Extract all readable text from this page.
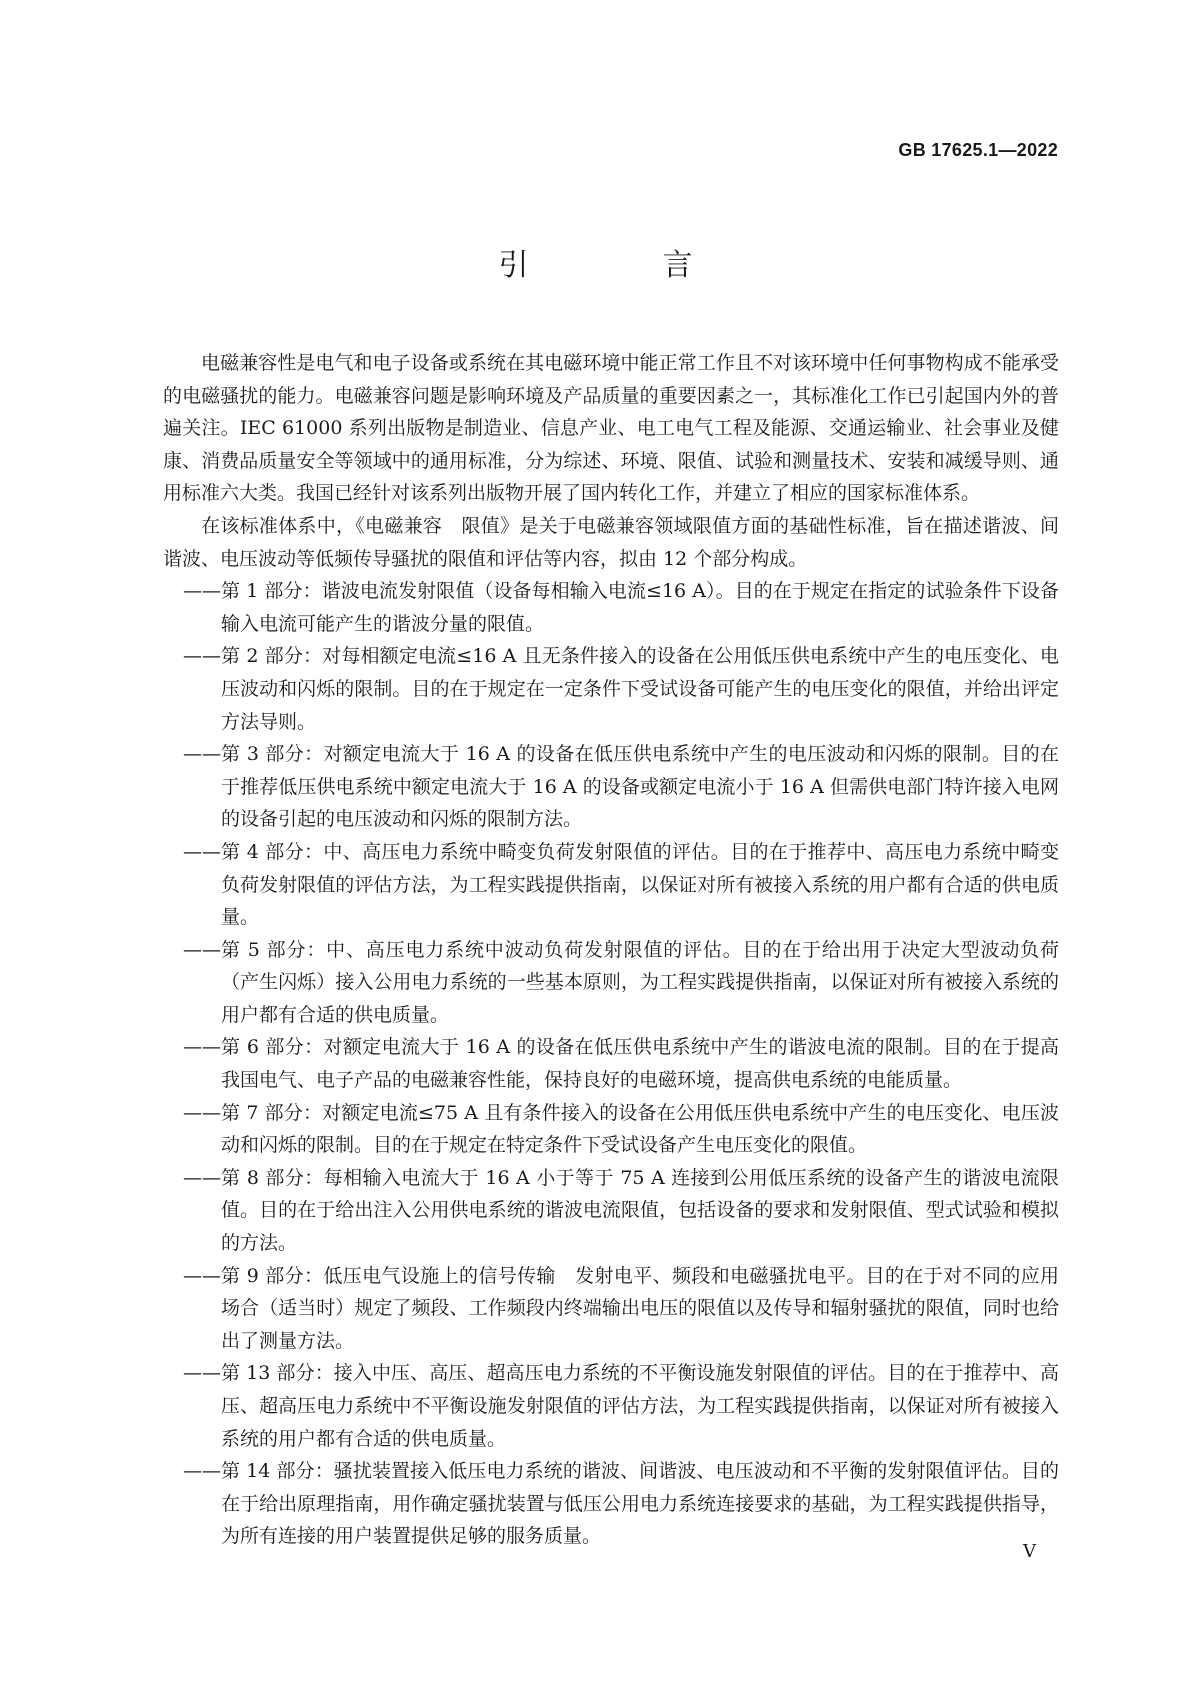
GB 17625.1—2022
引　言

电磁兼容性是电气和电子设备或系统在其电磁环境中能正常工作且不对该环境中任何事物构成不能承受的电磁骚扰的能力。电磁兼容问题是影响环境及产品质量的重要因素之一，其标准化工作已引起国内外的普遍关注。IEC 61000 系列出版物是制造业、信息产业、电工电气工程及能源、交通运输业、社会事业及健康、消费品质量安全等领域中的通用标准，分为综述、环境、限值、试验和测量技术、安装和减缓导则、通用标准六大类。我国已经针对该系列出版物开展了国内转化工作，并建立了相应的国家标准体系。

在该标准体系中，《电磁兼容　限值》是关于电磁兼容领域限值方面的基础性标准，旨在描述谐波、间谐波、电压波动等低频传导骚扰的限值和评估等内容，拟由 12 个部分构成。

—— 第 1 部分：谐波电流发射限值（设备每相输入电流≤16 A）。目的在于规定在指定的试验条件下设备输入电流可能产生的谐波分量的限值。
—— 第 2 部分：对每相额定电流≤16 A 且无条件接入的设备在公用低压供电系统中产生的电压变化、电压波动和闪烁的限制。目的在于规定在一定条件下受试设备可能产生的电压变化的限值，并给出评定方法导则。
—— 第 3 部分：对额定电流大于 16 A 的设备在低压供电系统中产生的电压波动和闪烁的限制。目的在于推荐低压供电系统中额定电流大于 16 A 的设备或额定电流小于 16 A 但需供电部门特许接入电网的设备引起的电压波动和闪烁的限制方法。
—— 第 4 部分：中、高压电力系统中畸变负荷发射限值的评估。目的在于推荐中、高压电力系统中畸变负荷发射限值的评估方法，为工程实践提供指南，以保证对所有被接入系统的用户都有合适的供电质量。
—— 第 5 部分：中、高压电力系统中波动负荷发射限值的评估。目的在于给出用于决定大型波动负荷（产生闪烁）接入公用电力系统的一些基本原则，为工程实践提供指南，以保证对所有被接入系统的用户都有合适的供电质量。
—— 第 6 部分：对额定电流大于 16 A 的设备在低压供电系统中产生的谐波电流的限制。目的在于提高我国电气、电子产品的电磁兼容性能，保持良好的电磁环境，提高供电系统的电能质量。
—— 第 7 部分：对额定电流≤75 A 且有条件接入的设备在公用低压供电系统中产生的电压变化、电压波动和闪烁的限制。目的在于规定在特定条件下受试设备产生电压变化的限值。
—— 第 8 部分：每相输入电流大于 16 A 小于等于 75 A 连接到公用低压系统的设备产生的谐波电流限值。目的在于给出注入公用供电系统的谐波电流限值，包括设备的要求和发射限值、型式试验和模拟的方法。
—— 第 9 部分：低压电气设施上的信号传输　发射电平、频段和电磁骚扰电平。目的在于对不同的应用场合（适当时）规定了频段、工作频段内终端输出电压的限值以及传导和辐射骚扰的限值，同时也给出了测量方法。
—— 第 13 部分：接入中压、高压、超高压电力系统的不平衡设施发射限值的评估。目的在于推荐中、高压、超高压电力系统中不平衡设施发射限值的评估方法，为工程实践提供指南，以保证对所有被接入系统的用户都有合适的供电质量。
—— 第 14 部分：骚扰装置接入低压电力系统的谐波、间谐波、电压波动和不平衡的发射限值评估。目的在于给出原理指南，用作确定骚扰装置与低压公用电力系统连接要求的基础，为工程实践提供指导，为所有连接的用户装置提供足够的服务质量。
V
